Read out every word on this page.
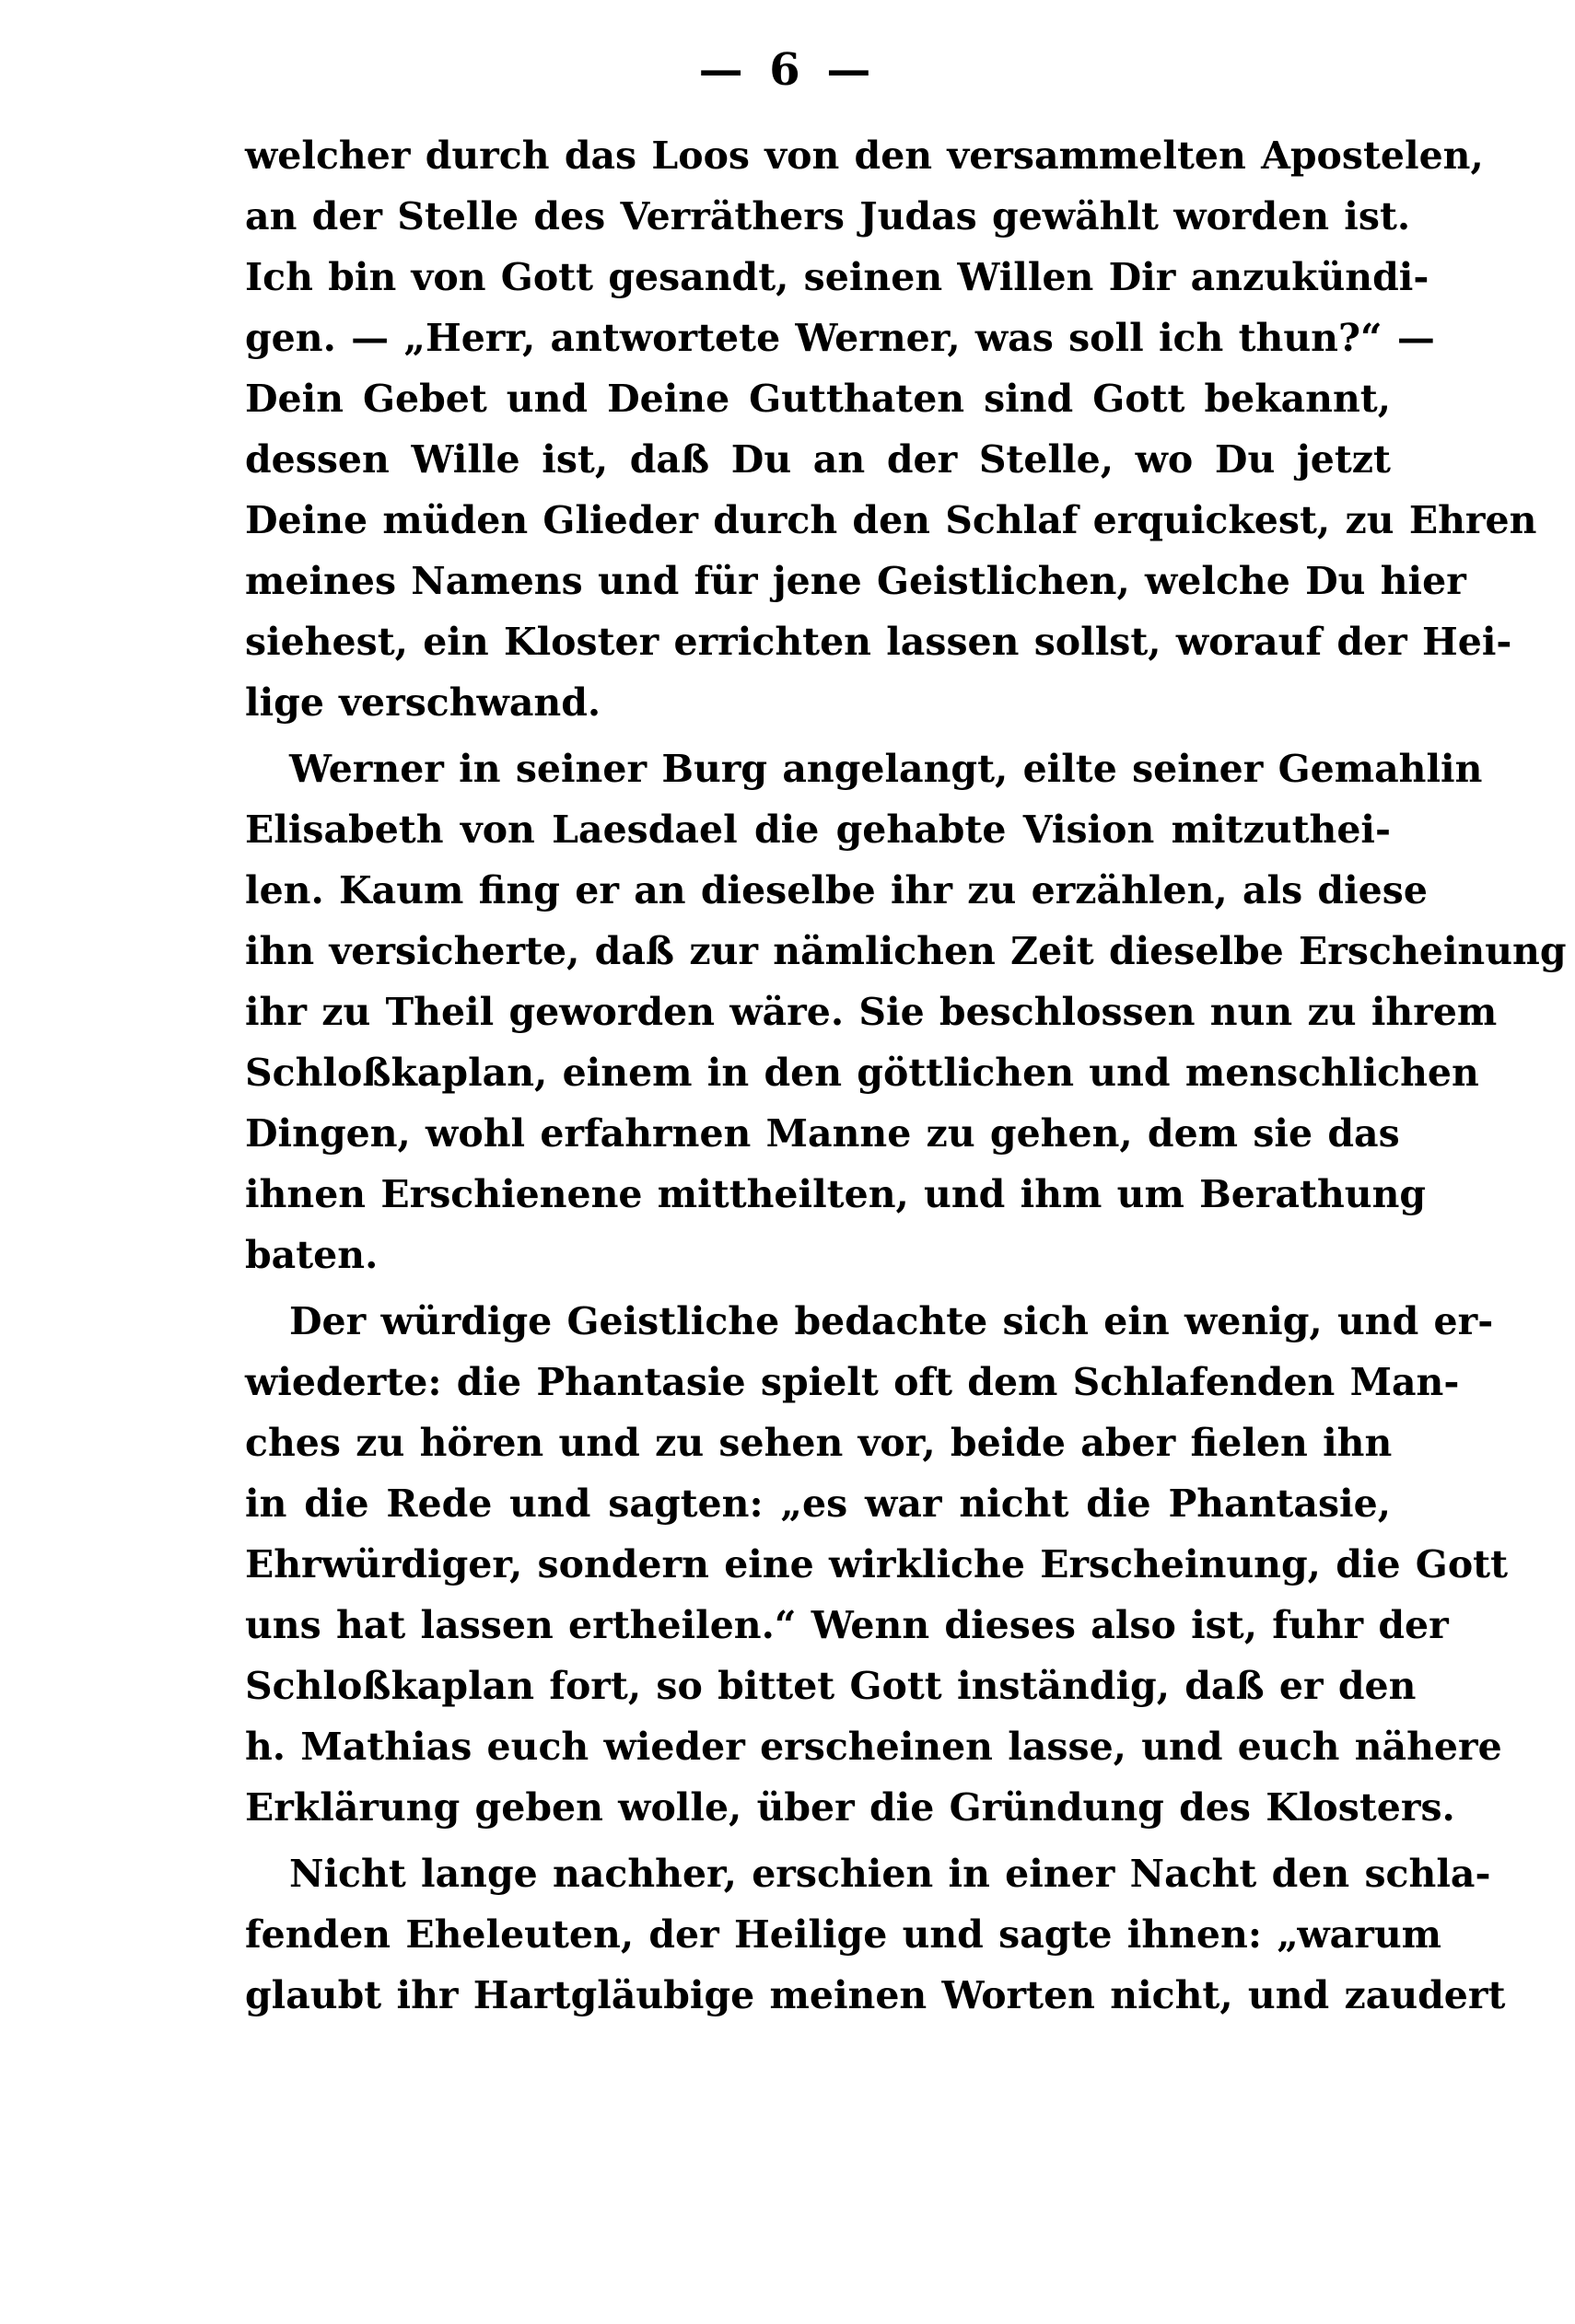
— 6 —
welcher durch das Loos von den versammelten Apostelen,
an der Stelle des Verräthers Judas gewählt worden ist.
Ich bin von Gott gesandt, seinen Willen Dir anzukündi-
gen. — „Herr, antwortete Werner, was soll ich thun?“ —
Dein Gebet und Deine Gutthaten sind Gott bekannt,
dessen Wille ist, daß Du an der Stelle, wo Du jetzt
Deine müden Glieder durch den Schlaf erquickest, zu Ehren
meines Namens und für jene Geistlichen, welche Du hier
siehest, ein Kloster errichten lassen sollst, worauf der Hei-
lige verschwand.
Werner in seiner Burg angelangt, eilte seiner Gemahlin
Elisabeth von Laesdael die gehabte Vision mitzuthei-
len. Kaum fing er an dieselbe ihr zu erzählen, als diese
ihn versicherte, daß zur nämlichen Zeit dieselbe Erscheinung
ihr zu Theil geworden wäre. Sie beschlossen nun zu ihrem
Schloßkaplan, einem in den göttlichen und menschlichen
Dingen, wohl erfahrnen Manne zu gehen, dem sie das
ihnen Erschienene mittheilten, und ihm um Berathung
baten.
Der würdige Geistliche bedachte sich ein wenig, und er-
wiederte: die Phantasie spielt oft dem Schlafenden Man-
ches zu hören und zu sehen vor, beide aber fielen ihn
in die Rede und sagten: „es war nicht die Phantasie,
Ehrwürdiger, sondern eine wirkliche Erscheinung, die Gott
uns hat lassen ertheilen.“ Wenn dieses also ist, fuhr der
Schloßkaplan fort, so bittet Gott inständig, daß er den
h. Mathias euch wieder erscheinen lasse, und euch nähere
Erklärung geben wolle, über die Gründung des Klosters.
Nicht lange nachher, erschien in einer Nacht den schla-
fenden Eheleuten, der Heilige und sagte ihnen: „warum
glaubt ihr Hartgläubige meinen Worten nicht, und zaudert
